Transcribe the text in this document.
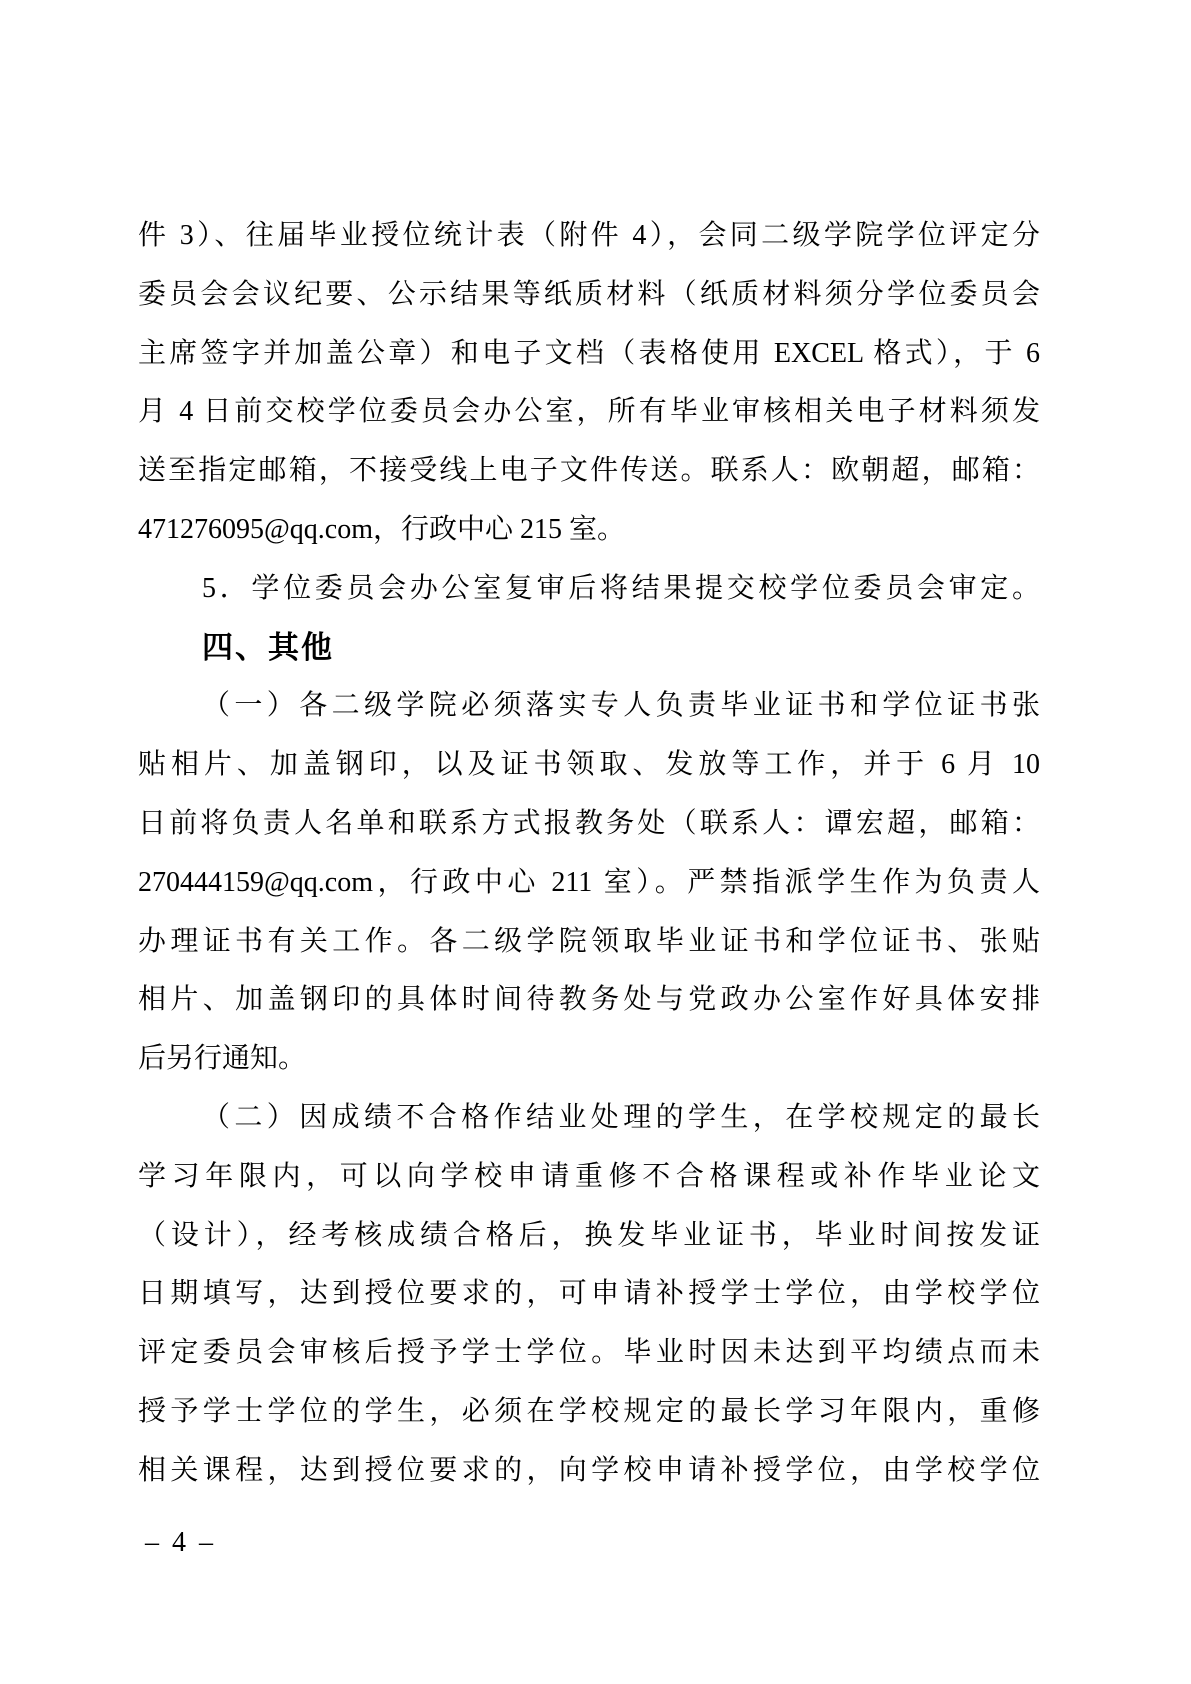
件 3）、往届毕业授位统计表（附件 4），会同二级学院学位评定分
委员会会议纪要、公示结果等纸质材料（纸质材料须分学位委员会
主席签字并加盖公章）和电子文档（表格使用 EXCEL 格式），于 6
月 4 日前交校学位委员会办公室，所有毕业审核相关电子材料须发
送至指定邮箱，不接受线上电子文件传送。联系人：欧朝超，邮箱：
471276095@qq.com，行政中心 215 室。
5．学位委员会办公室复审后将结果提交校学位委员会审定。
四、其他
（一）各二级学院必须落实专人负责毕业证书和学位证书张
贴相片、加盖钢印，以及证书领取、发放等工作，并于 6 月 10
日前将负责人名单和联系方式报教务处（联系人：谭宏超，邮箱：
270444159@qq.com，行政中心 211 室）。严禁指派学生作为负责人
办理证书有关工作。各二级学院领取毕业证书和学位证书、张贴
相片、加盖钢印的具体时间待教务处与党政办公室作好具体安排
后另行通知。
（二）因成绩不合格作结业处理的学生，在学校规定的最长
学习年限内，可以向学校申请重修不合格课程或补作毕业论文
（设计），经考核成绩合格后，换发毕业证书，毕业时间按发证
日期填写，达到授位要求的，可申请补授学士学位，由学校学位
评定委员会审核后授予学士学位。毕业时因未达到平均绩点而未
授予学士学位的学生，必须在学校规定的最长学习年限内，重修
相关课程，达到授位要求的，向学校申请补授学位，由学校学位
– 4 –
